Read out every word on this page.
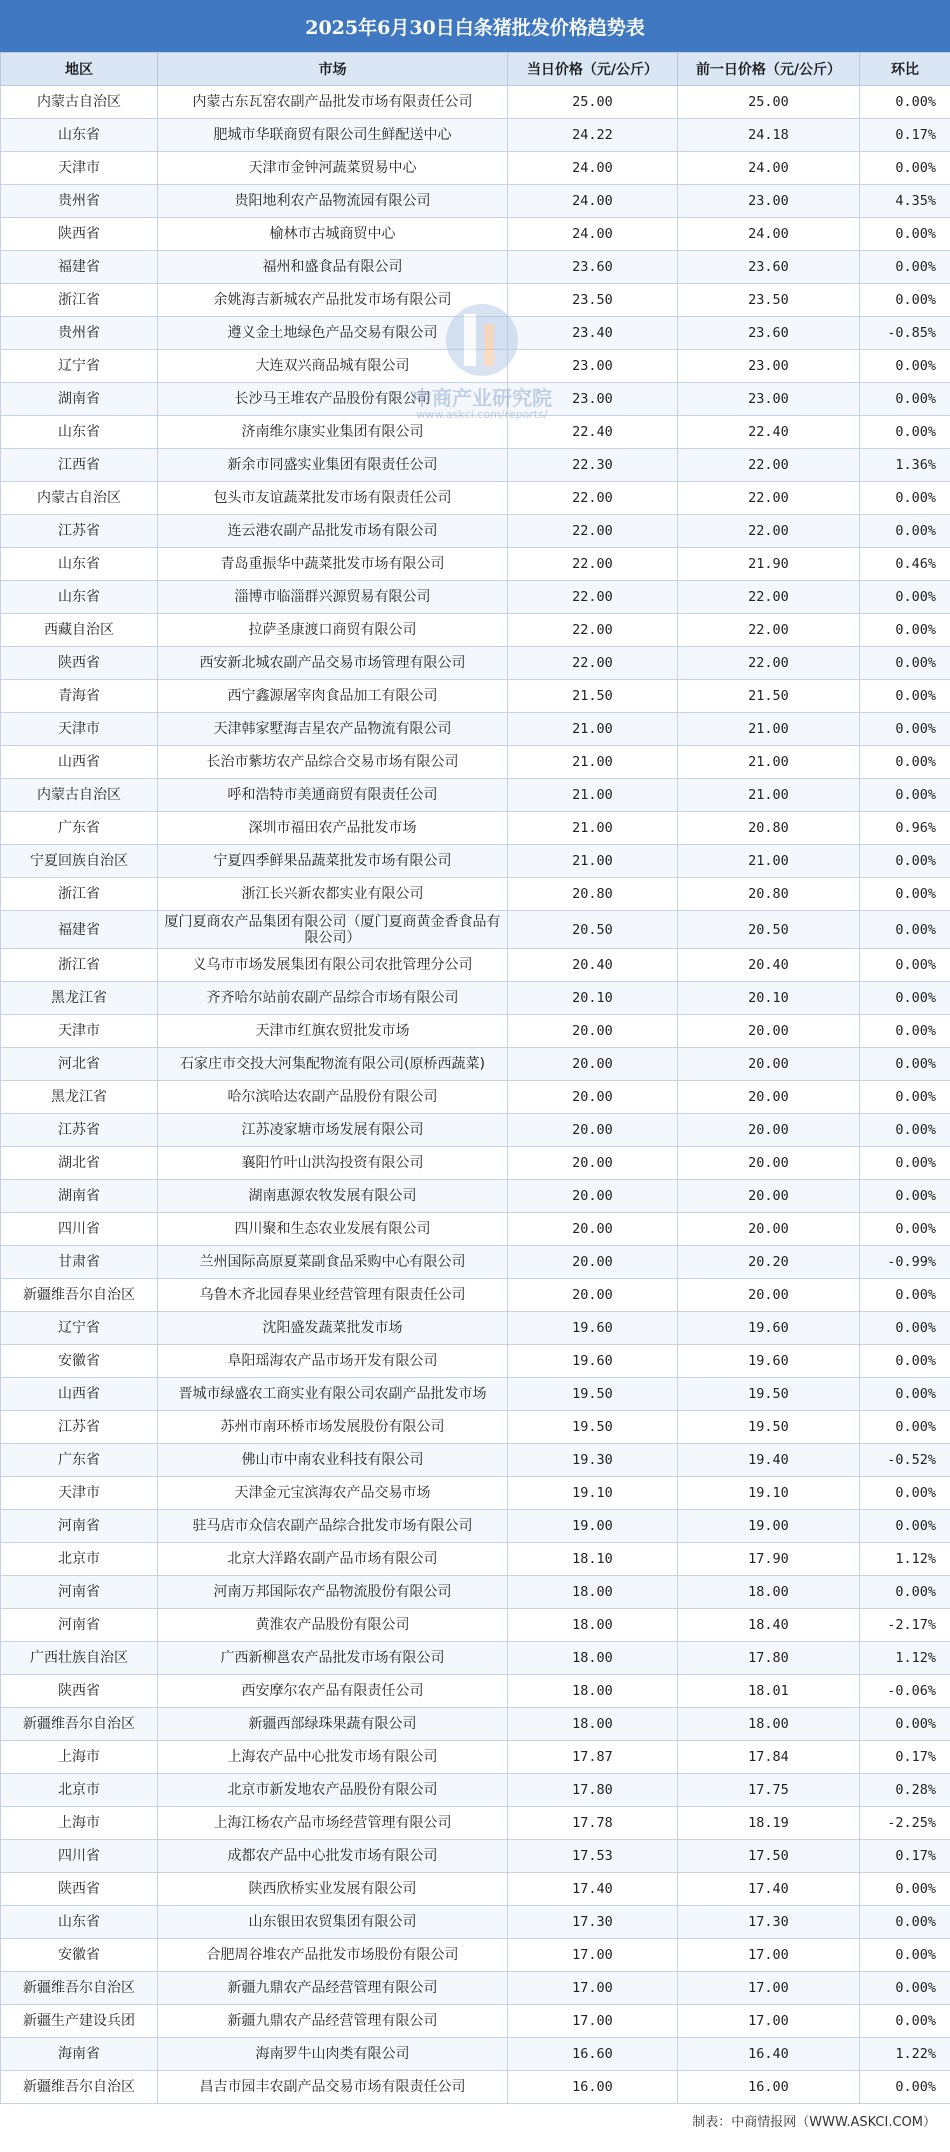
2025年6月30日白条猪批发价格趋势表
地区	市场	当日价格（元/公斤）	前一日价格（元/公斤）	环比
内蒙古自治区	内蒙古东瓦窑农副产品批发市场有限责任公司	25.00	25.00	0.00%
山东省	肥城市华联商贸有限公司生鲜配送中心	24.22	24.18	0.17%
天津市	天津市金钟河蔬菜贸易中心	24.00	24.00	0.00%
贵州省	贵阳地利农产品物流园有限公司	24.00	23.00	4.35%
陕西省	榆林市古城商贸中心	24.00	24.00	0.00%
福建省	福州和盛食品有限公司	23.60	23.60	0.00%
浙江省	余姚海吉新城农产品批发市场有限公司	23.50	23.50	0.00%
贵州省	遵义金土地绿色产品交易有限公司	23.40	23.60	-0.85%
辽宁省	大连双兴商品城有限公司	23.00	23.00	0.00%
湖南省	长沙马王堆农产品股份有限公司	23.00	23.00	0.00%
山东省	济南维尔康实业集团有限公司	22.40	22.40	0.00%
江西省	新余市同盛实业集团有限责任公司	22.30	22.00	1.36%
内蒙古自治区	包头市友谊蔬菜批发市场有限责任公司	22.00	22.00	0.00%
江苏省	连云港农副产品批发市场有限公司	22.00	22.00	0.00%
山东省	青岛重振华中蔬菜批发市场有限公司	22.00	21.90	0.46%
山东省	淄博市临淄群兴源贸易有限公司	22.00	22.00	0.00%
西藏自治区	拉萨圣康渡口商贸有限公司	22.00	22.00	0.00%
陕西省	西安新北城农副产品交易市场管理有限公司	22.00	22.00	0.00%
青海省	西宁鑫源屠宰肉食品加工有限公司	21.50	21.50	0.00%
天津市	天津韩家墅海吉星农产品物流有限公司	21.00	21.00	0.00%
山西省	长治市紫坊农产品综合交易市场有限公司	21.00	21.00	0.00%
内蒙古自治区	呼和浩特市美通商贸有限责任公司	21.00	21.00	0.00%
广东省	深圳市福田农产品批发市场	21.00	20.80	0.96%
宁夏回族自治区	宁夏四季鲜果品蔬菜批发市场有限公司	21.00	21.00	0.00%
浙江省	浙江长兴新农都实业有限公司	20.80	20.80	0.00%
福建省	厦门夏商农产品集团有限公司（厦门夏商黄金香食品有限公司）	20.50	20.50	0.00%
浙江省	义乌市市场发展集团有限公司农批管理分公司	20.40	20.40	0.00%
黑龙江省	齐齐哈尔站前农副产品综合市场有限公司	20.10	20.10	0.00%
天津市	天津市红旗农贸批发市场	20.00	20.00	0.00%
河北省	石家庄市交投大河集配物流有限公司(原桥西蔬菜)	20.00	20.00	0.00%
黑龙江省	哈尔滨哈达农副产品股份有限公司	20.00	20.00	0.00%
江苏省	江苏凌家塘市场发展有限公司	20.00	20.00	0.00%
湖北省	襄阳竹叶山洪沟投资有限公司	20.00	20.00	0.00%
湖南省	湖南惠源农牧发展有限公司	20.00	20.00	0.00%
四川省	四川聚和生态农业发展有限公司	20.00	20.00	0.00%
甘肃省	兰州国际高原夏菜副食品采购中心有限公司	20.00	20.20	-0.99%
新疆维吾尔自治区	乌鲁木齐北园春果业经营管理有限责任公司	20.00	20.00	0.00%
辽宁省	沈阳盛发蔬菜批发市场	19.60	19.60	0.00%
安徽省	阜阳瑶海农产品市场开发有限公司	19.60	19.60	0.00%
山西省	晋城市绿盛农工商实业有限公司农副产品批发市场	19.50	19.50	0.00%
江苏省	苏州市南环桥市场发展股份有限公司	19.50	19.50	0.00%
广东省	佛山市中南农业科技有限公司	19.30	19.40	-0.52%
天津市	天津金元宝滨海农产品交易市场	19.10	19.10	0.00%
河南省	驻马店市众信农副产品综合批发市场有限公司	19.00	19.00	0.00%
北京市	北京大洋路农副产品市场有限公司	18.10	17.90	1.12%
河南省	河南万邦国际农产品物流股份有限公司	18.00	18.00	0.00%
河南省	黄淮农产品股份有限公司	18.00	18.40	-2.17%
广西壮族自治区	广西新柳邕农产品批发市场有限公司	18.00	17.80	1.12%
陕西省	西安摩尔农产品有限责任公司	18.00	18.01	-0.06%
新疆维吾尔自治区	新疆西部绿珠果蔬有限公司	18.00	18.00	0.00%
上海市	上海农产品中心批发市场有限公司	17.87	17.84	0.17%
北京市	北京市新发地农产品股份有限公司	17.80	17.75	0.28%
上海市	上海江杨农产品市场经营管理有限公司	17.78	18.19	-2.25%
四川省	成都农产品中心批发市场有限公司	17.53	17.50	0.17%
陕西省	陕西欣桥实业发展有限公司	17.40	17.40	0.00%
山东省	山东银田农贸集团有限公司	17.30	17.30	0.00%
安徽省	合肥周谷堆农产品批发市场股份有限公司	17.00	17.00	0.00%
新疆维吾尔自治区	新疆九鼎农产品经营管理有限公司	17.00	17.00	0.00%
新疆生产建设兵团	新疆九鼎农产品经营管理有限公司	17.00	17.00	0.00%
海南省	海南罗牛山肉类有限公司	16.60	16.40	1.22%
新疆维吾尔自治区	昌吉市园丰农副产品交易市场有限责任公司	16.00	16.00	0.00%
制表：中商情报网（WWW.ASKCI.COM）
中商产业研究院
www.askci.com/reports/
